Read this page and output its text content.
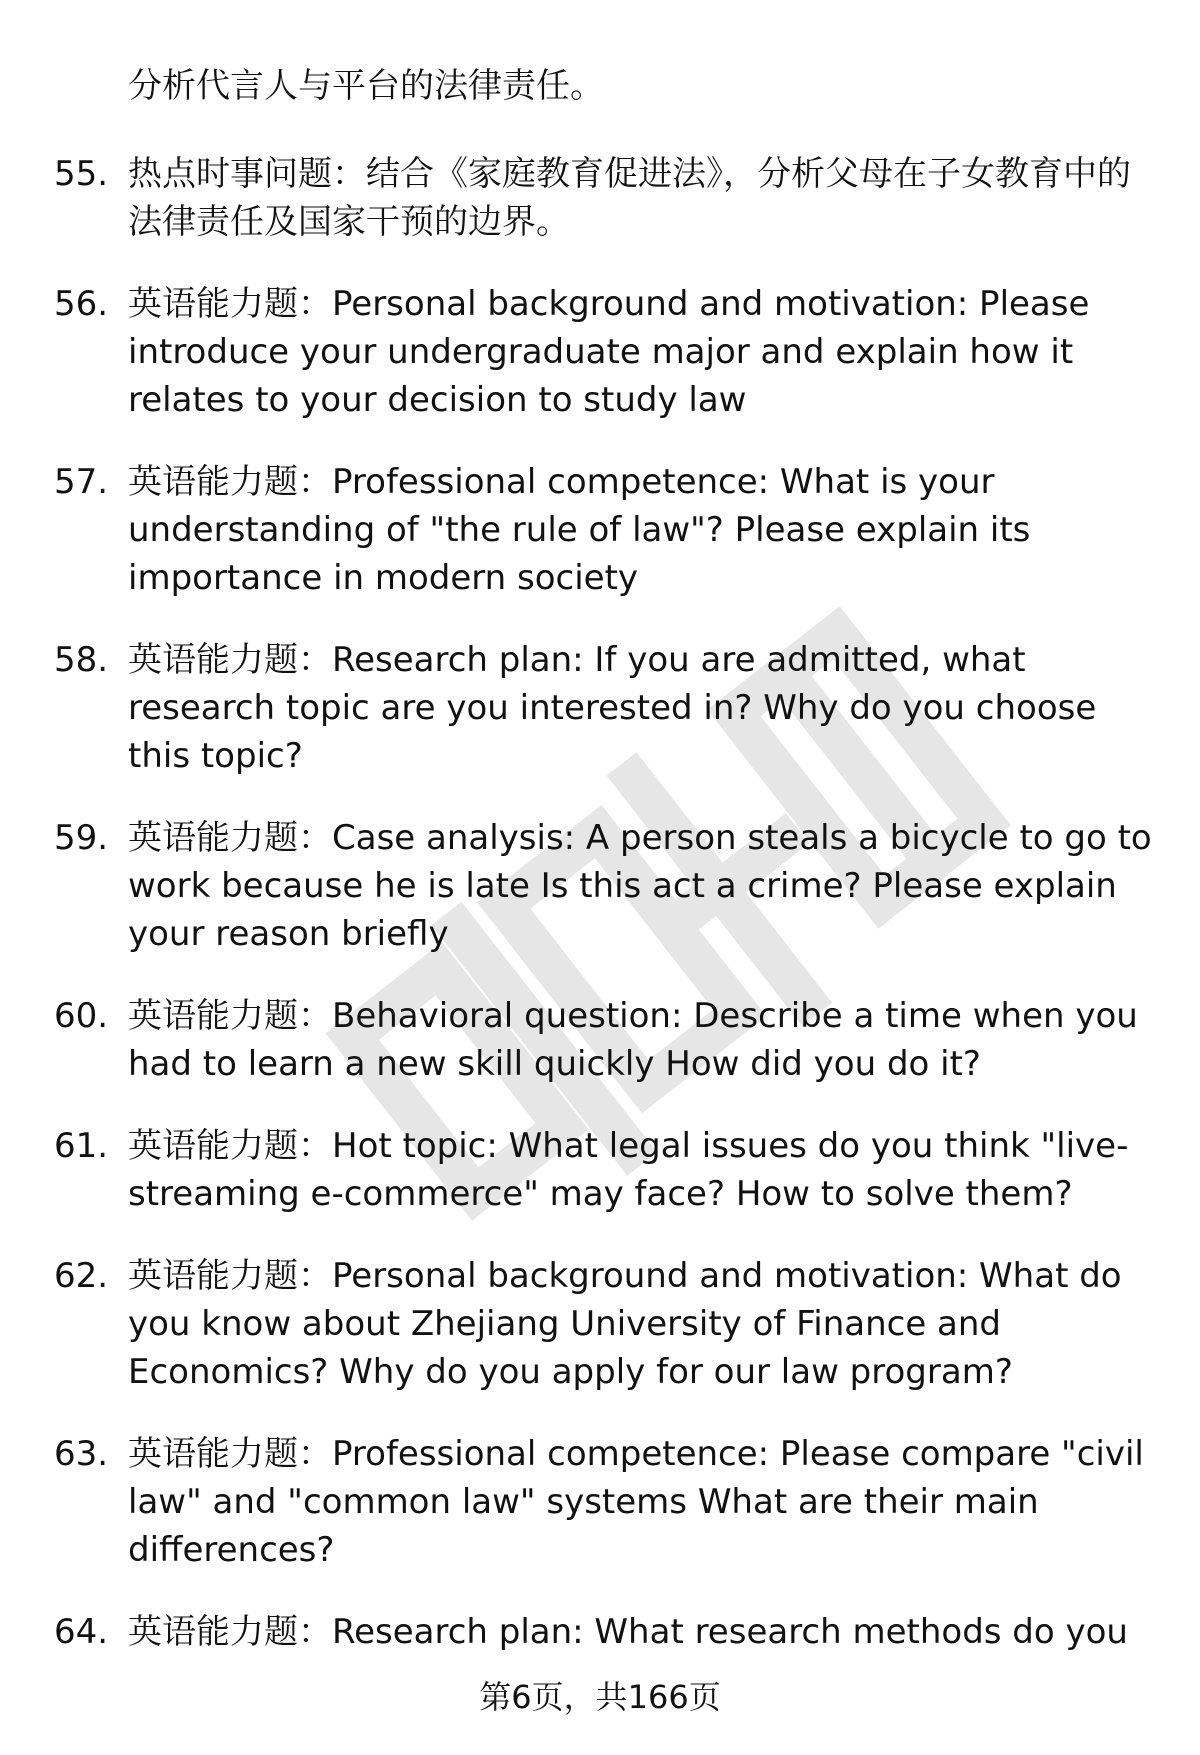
分析代言人与平台的法律责任。
55. 热点时事问题：结合《家庭教育促进法》，分析父母在子女教育中的法律责任及国家干预的边界。
56. 英语能力题：Personal background and motivation: Please introduce your undergraduate major and explain how it relates to your decision to study law
57. 英语能力题：Professional competence: What is your understanding of "the rule of law"? Please explain its importance in modern society
58. 英语能力题：Research plan: If you are admitted, what research topic are you interested in? Why do you choose this topic?
59. 英语能力题：Case analysis: A person steals a bicycle to go to work because he is late Is this act a crime? Please explain your reason briefly
60. 英语能力题：Behavioral question: Describe a time when you had to learn a new skill quickly How did you do it?
61. 英语能力题：Hot topic: What legal issues do you think "live-streaming e-commerce" may face? How to solve them?
62. 英语能力题：Personal background and motivation: What do you know about Zhejiang University of Finance and Economics? Why do you apply for our law program?
63. 英语能力题：Professional competence: Please compare "civil law" and "common law" systems What are their main differences?
64. 英语能力题：Research plan: What research methods do you
第6页，共166页
